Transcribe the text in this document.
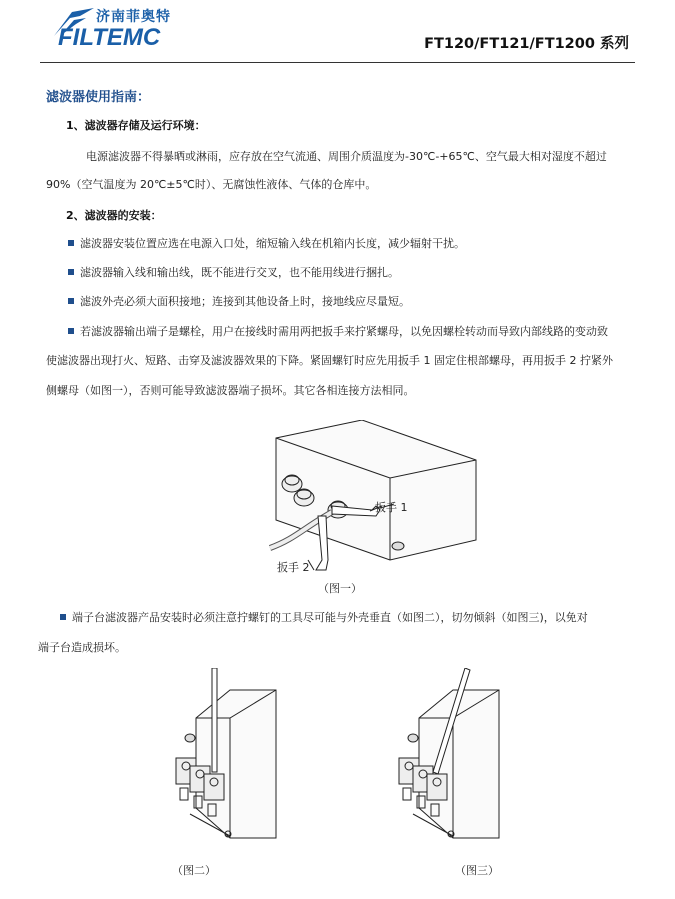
济南菲奥特
FILTEMC	FT120/FT121/FT1200 系列
滤波器使用指南：
1、滤波器存储及运行环境：
电源滤波器不得暴晒或淋雨，应存放在空气流通、周围介质温度为-30℃-+65℃、空气最大相对湿度不超过
90%（空气温度为 20℃±5℃时）、无腐蚀性液体、气体的仓库中。
2、滤波器的安装：
滤波器安装位置应选在电源入口处，缩短输入线在机箱内长度，减少辐射干扰。
滤波器输入线和输出线，既不能进行交叉，也不能用线进行捆扎。
滤波外壳必须大面积接地；连接到其他设备上时，接地线应尽量短。
若滤波器输出端子是螺栓，用户在接线时需用两把扳手来拧紧螺母，以免因螺栓转动而导致内部线路的变动致
使滤波器出现打火、短路、击穿及滤波器效果的下降。紧固螺钉时应先用扳手 1 固定住根部螺母，再用扳手 2 拧紧外
侧螺母（如图一），否则可能导致滤波器端子损坏。其它各相连接方法相同。
扳手 1
扳手 2
（图一）
端子台滤波器产品安装时必须注意拧螺钉的工具尽可能与外壳垂直（如图二），切勿倾斜（如图三)，以免对
端子台造成损坏。
（图二）	（图三）
